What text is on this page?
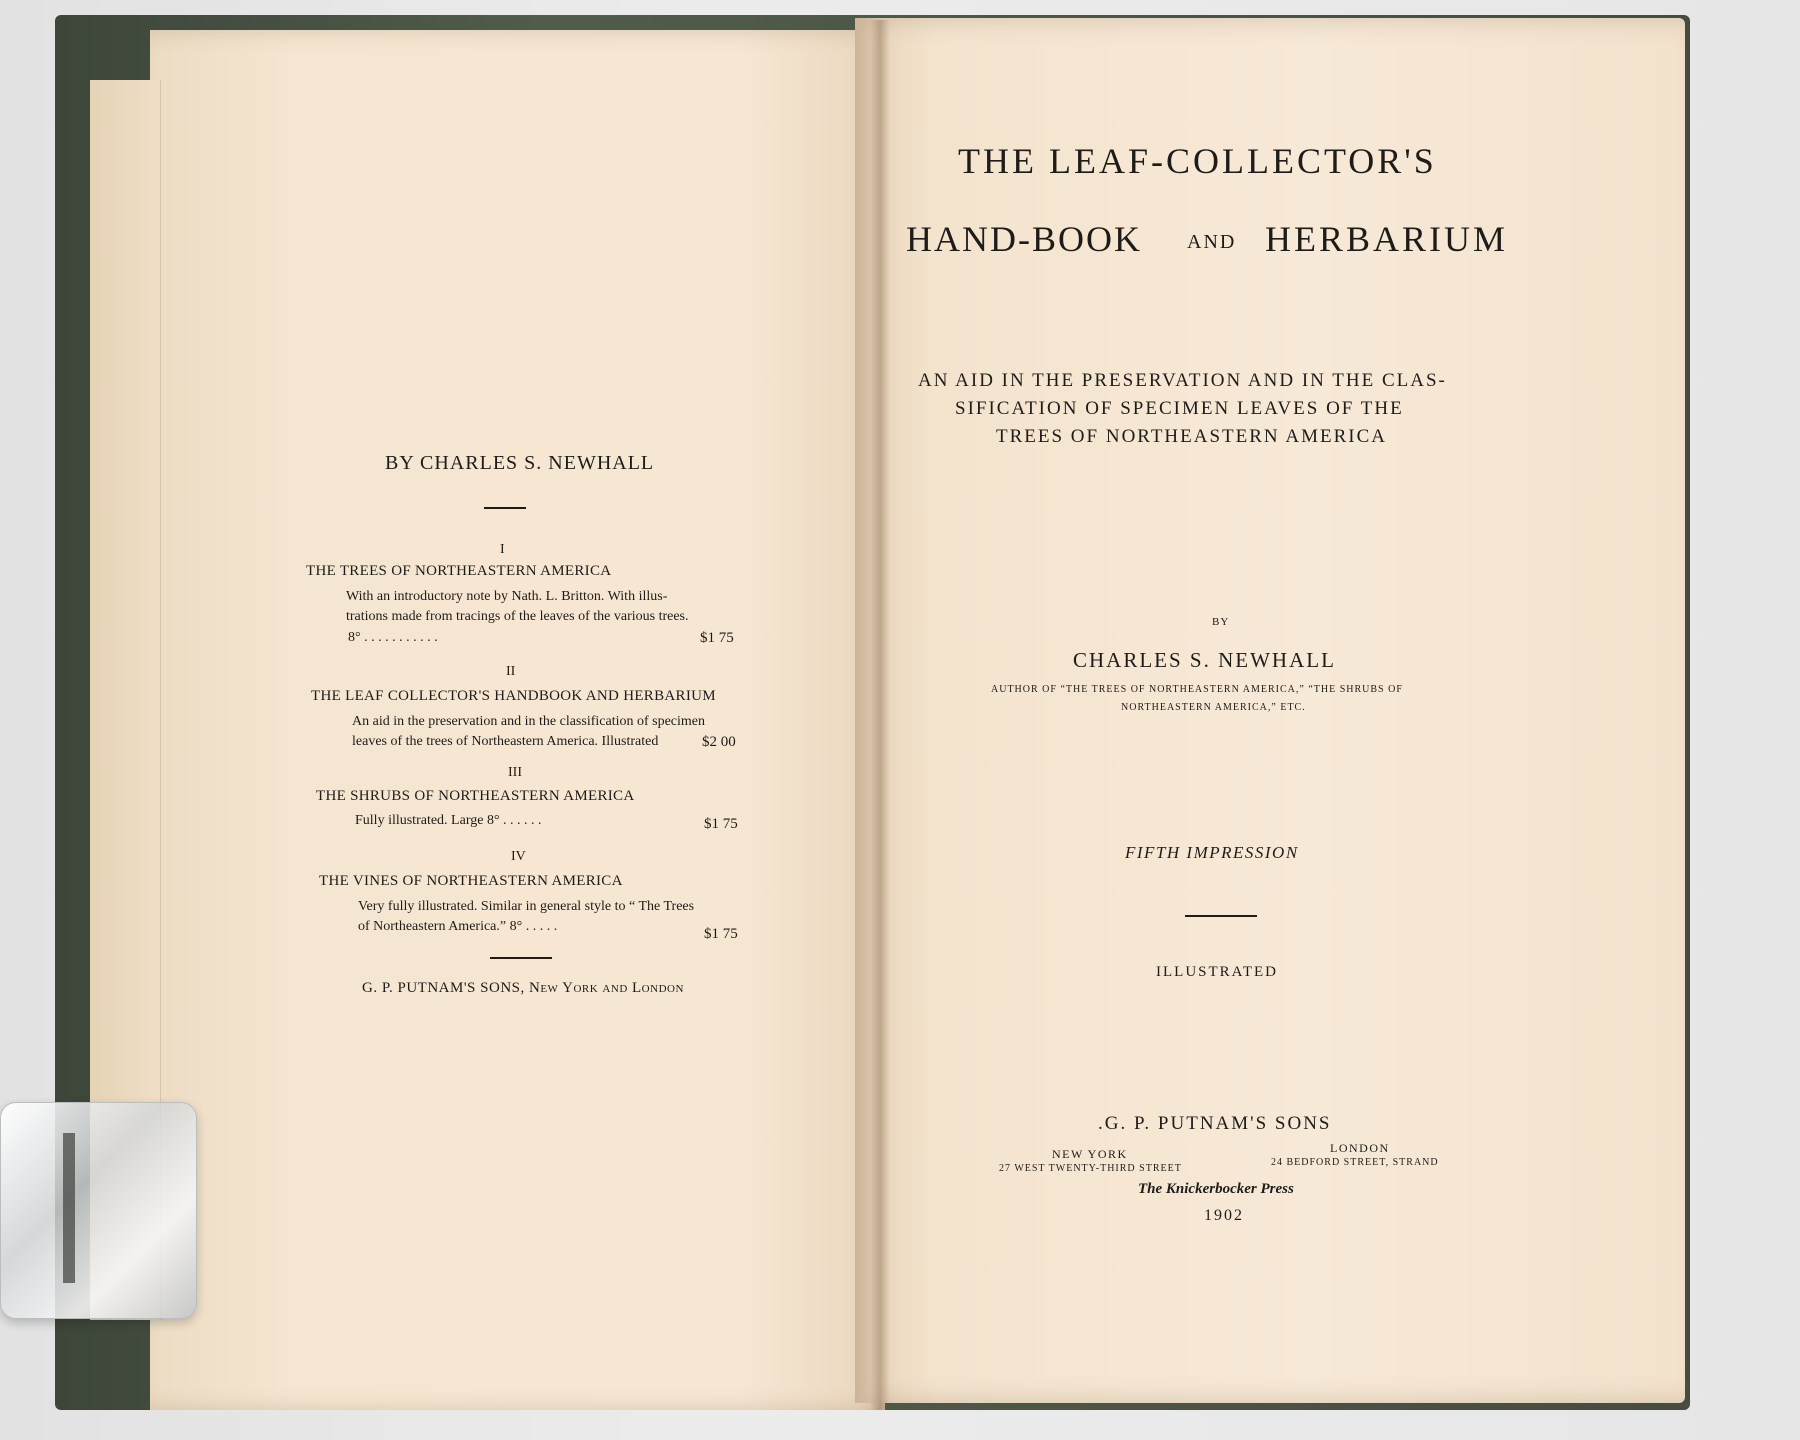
BY CHARLES S. NEWHALL
I
THE TREES OF NORTHEASTERN AMERICA
With an introductory note by Nath. L. Britton. With illus-
trations made from tracings of the leaves of the various trees.
8° . . . . . . . . . . .	$1 75
II
THE LEAF COLLECTOR'S HANDBOOK AND HERBARIUM
An aid in the preservation and in the classification of specimen
leaves of the trees of Northeastern America. Illustrated	$2 00
III
THE SHRUBS OF NORTHEASTERN AMERICA
Fully illustrated. Large 8° . . . . . .	$1 75
IV
THE VINES OF NORTHEASTERN AMERICA
Very fully illustrated. Similar in general style to “ The Trees
of Northeastern America.” 8° . . . . .	$1 75
G. P. PUTNAM'S SONS, New York and London
THE LEAF-COLLECTOR'S
HAND-BOOK AND HERBARIUM
AN AID IN THE PRESERVATION AND IN THE CLAS-
SIFICATION OF SPECIMEN LEAVES OF THE
TREES OF NORTHEASTERN AMERICA
BY
CHARLES S. NEWHALL
AUTHOR OF “THE TREES OF NORTHEASTERN AMERICA,” “THE SHRUBS OF
NORTHEASTERN AMERICA,” ETC.
FIFTH IMPRESSION
ILLUSTRATED
.G. P. PUTNAM'S SONS
NEW YORK
27 WEST TWENTY-THIRD STREET
LONDON
24 BEDFORD STREET, STRAND
The Knickerbocker Press
1902
